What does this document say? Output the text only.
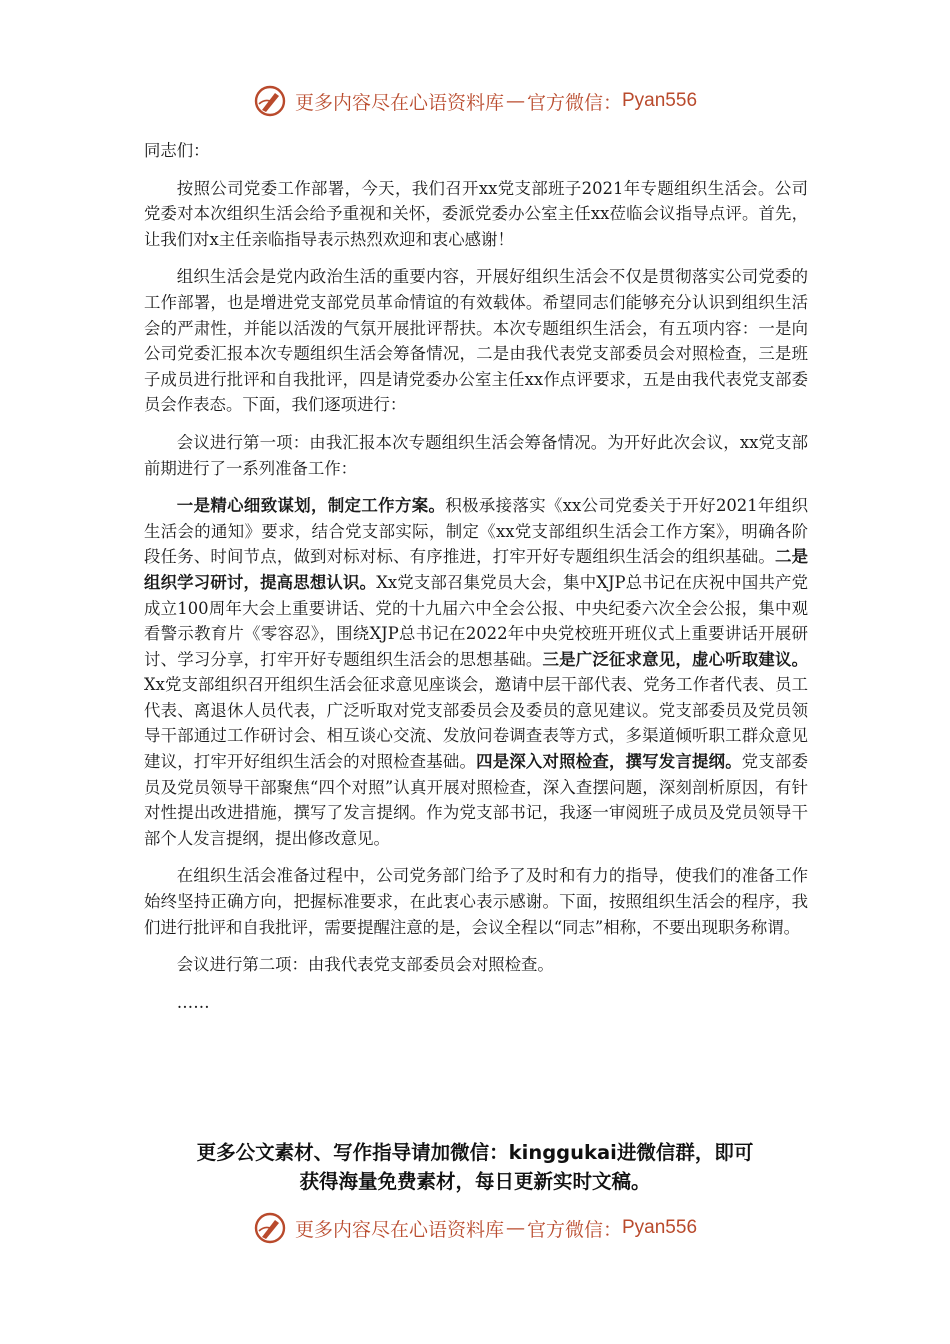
更多内容尽在心语资料库 — 官方微信： Pyan556

同志们：

按照公司党委工作部署，今天，我们召开xx党支部班子2021年专题组织生活会。公司党委对本次组织生活会给予重视和关怀，委派党委办公室主任xx莅临会议指导点评。首先，让我们对x主任亲临指导表示热烈欢迎和衷心感谢！

组织生活会是党内政治生活的重要内容，开展好组织生活会不仅是贯彻落实公司党委的工作部署，也是增进党支部党员革命情谊的有效载体。希望同志们能够充分认识到组织生活会的严肃性，并能以活泼的气氛开展批评帮扶。本次专题组织生活会，有五项内容：一是向公司党委汇报本次专题组织生活会筹备情况，二是由我代表党支部委员会对照检查，三是班子成员进行批评和自我批评，四是请党委办公室主任xx作点评要求，五是由我代表党支部委员会作表态。下面，我们逐项进行：

会议进行第一项：由我汇报本次专题组织生活会筹备情况。为开好此次会议，xx党支部前期进行了一系列准备工作：

一是精心细致谋划，制定工作方案。积极承接落实《xx公司党委关于开好2021年组织生活会的通知》要求，结合党支部实际，制定《xx党支部组织生活会工作方案》，明确各阶段任务、时间节点，做到对标对标、有序推进，打牢开好专题组织生活会的组织基础。二是组织学习研讨，提高思想认识。Xx党支部召集党员大会，集中XJP总书记在庆祝中国共产党成立100周年大会上重要讲话、党的十九届六中全会公报、中央纪委六次全会公报，集中观看警示教育片《零容忍》，围绕XJP总书记在2022年中央党校班开班仪式上重要讲话开展研讨、学习分享，打牢开好专题组织生活会的思想基础。三是广泛征求意见，虚心听取建议。Xx党支部组织召开组织生活会征求意见座谈会，邀请中层干部代表、党务工作者代表、员工代表、离退休人员代表，广泛听取对党支部委员会及委员的意见建议。党支部委员及党员领导干部通过工作研讨会、相互谈心交流、发放问卷调查表等方式，多渠道倾听职工群众意见建议，打牢开好组织生活会的对照检查基础。四是深入对照检查，撰写发言提纲。党支部委员及党员领导干部聚焦“四个对照”认真开展对照检查，深入查摆问题，深刻剖析原因，有针对性提出改进措施，撰写了发言提纲。作为党支部书记，我逐一审阅班子成员及党员领导干部个人发言提纲，提出修改意见。

在组织生活会准备过程中，公司党务部门给予了及时和有力的指导，使我们的准备工作始终坚持正确方向，把握标准要求，在此衷心表示感谢。下面，按照组织生活会的程序，我们进行批评和自我批评，需要提醒注意的是，会议全程以“同志”相称，不要出现职务称谓。

会议进行第二项：由我代表党支部委员会对照检查。

……

更多公文素材、写作指导请加微信：kinggukai进微信群，即可
获得海量免费素材，每日更新实时文稿。
更多内容尽在心语资料库 — 官方微信： Pyan556
